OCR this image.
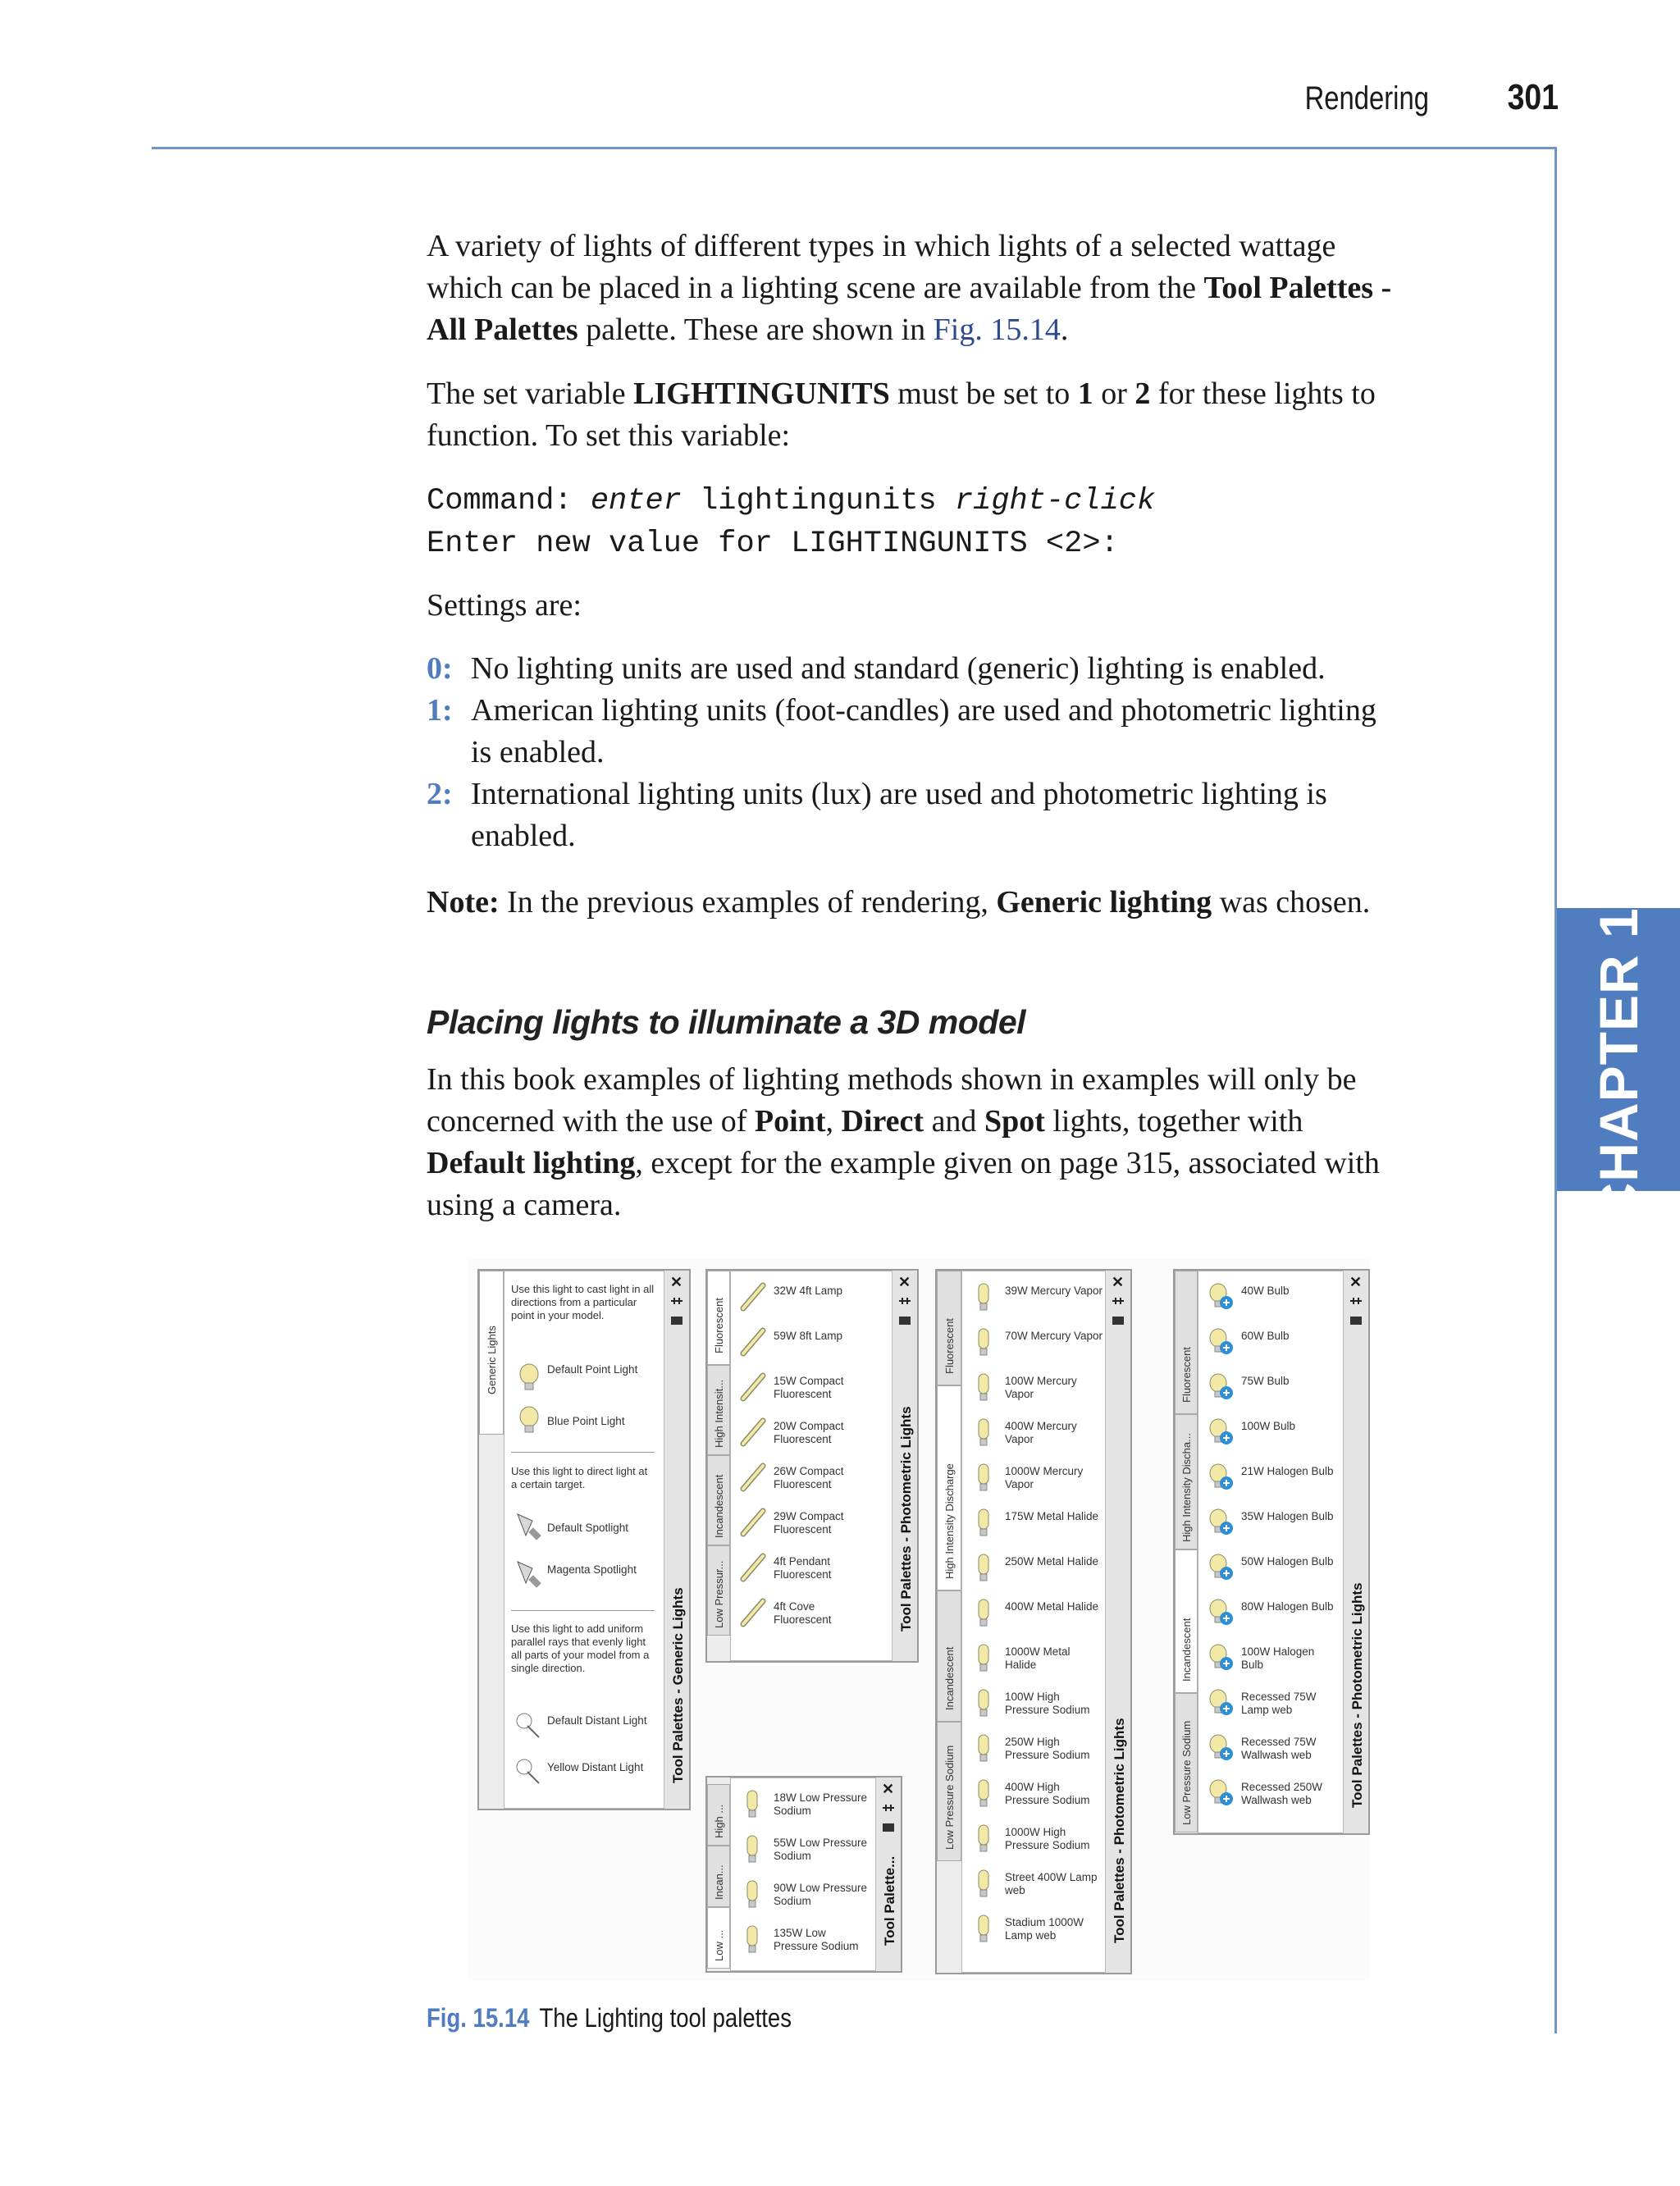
Rendering	301
CHAPTER 15

A variety of lights of different types in which lights of a selected wattage which can be placed in a lighting scene are available from the Tool Palettes - All Palettes palette. These are shown in Fig. 15.14.

The set variable LIGHTINGUNITS must be set to 1 or 2 for these lights to function. To set this variable:

Command: enter lightingunits right-click
Enter new value for LIGHTINGUNITS <2>:
Settings are:
0: No lighting units are used and standard (generic) lighting is enabled.
1: American lighting units (foot-candles) are used and photometric lighting is enabled.
2: International lighting units (lux) are used and photometric lighting is enabled.

Note: In the previous examples of rendering, Generic lighting was chosen.

Placing lights to illuminate a 3D model

In this book examples of lighting methods shown in examples will only be concerned with the use of Point, Direct and Spot lights, together with Default lighting, except for the example given on page 315, associated with using a camera.

Generic Lights
Use this light to cast light in all directions from a particular point in your model.
Default Point Light
Blue Point Light
Use this light to direct light at a certain target.
Default Spotlight
Magenta Spotlight
Use this light to add uniform parallel rays that evenly light all parts of your model from a single direction.
Default Distant Light
Yellow Distant Light
✕
Tool Palettes - Generic Lights
Fluorescent
High Intensit...
Incandescent
Low Pressur...
32W 4ft Lamp
59W 8ft Lamp
15W Compact Fluorescent
20W Compact Fluorescent
26W Compact Fluorescent
29W Compact Fluorescent
4ft Pendant Fluorescent
4ft Cove Fluorescent
✕
Tool Palettes - Photometric Lights
High ...
Incan...
Low ...
18W Low Pressure Sodium
55W Low Pressure Sodium
90W Low Pressure Sodium
135W Low Pressure Sodium
✕
Tool Palette...
Fluorescent
High Intensity Discharge
Incandescent
Low Pressure Sodium
39W Mercury Vapor
70W Mercury Vapor
100W Mercury Vapor
400W Mercury Vapor
1000W Mercury Vapor
175W Metal Halide
250W Metal Halide
400W Metal Halide
1000W Metal Halide
100W High Pressure Sodium
250W High Pressure Sodium
400W High Pressure Sodium
1000W High Pressure Sodium
Street 400W Lamp web
Stadium 1000W Lamp web
✕
Tool Palettes - Photometric Lights
Fluorescent
High Intensity Discha...
Incandescent
Low Pressure Sodium
40W Bulb
60W Bulb
75W Bulb
100W Bulb
21W Halogen Bulb
35W Halogen Bulb
50W Halogen Bulb
80W Halogen Bulb
100W Halogen Bulb
Recessed 75W Lamp web
Recessed 75W Wallwash web
Recessed 250W Wallwash web
✕
Tool Palettes - Photometric Lights
Fig. 15.14 The Lighting tool palettes
